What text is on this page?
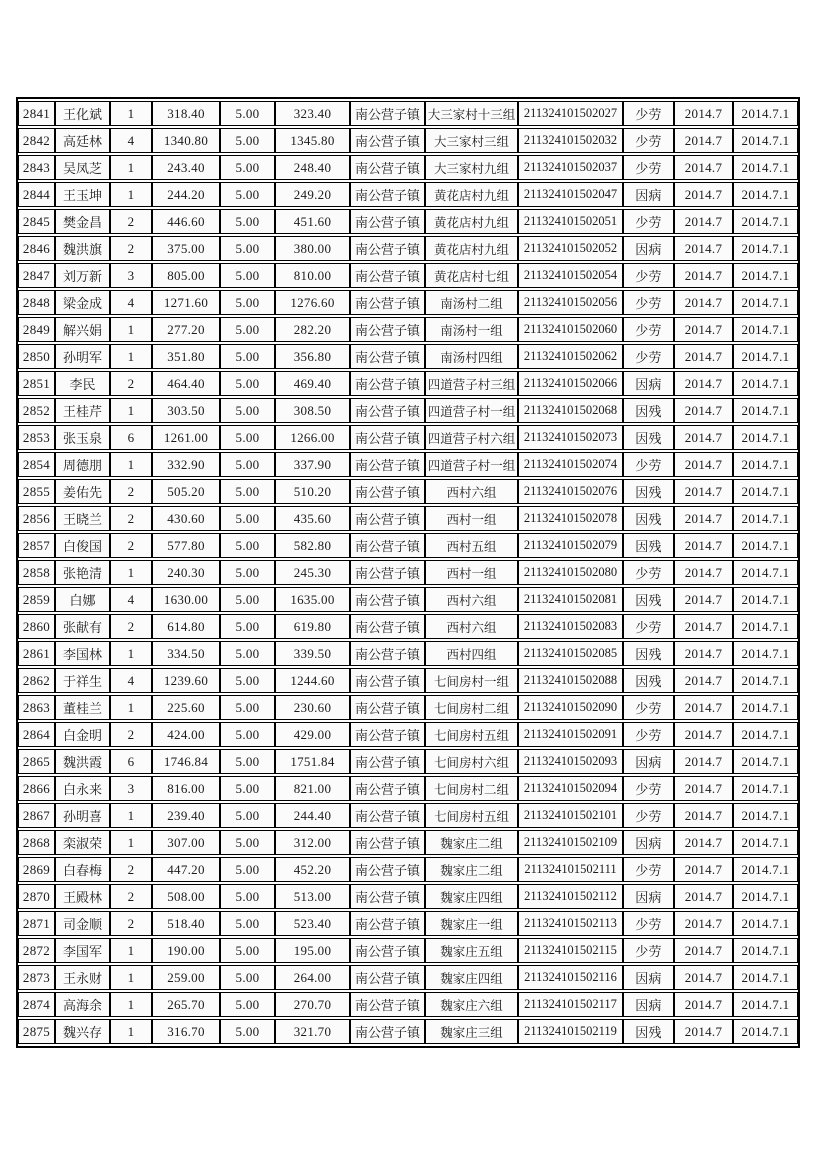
2841	王化斌	1	318.40	5.00	323.40	南公营子镇	大三家村十三组	211324101502027	少劳	2014.7	2014.7.1
2842	高廷林	4	1340.80	5.00	1345.80	南公营子镇	大三家村三组	211324101502032	少劳	2014.7	2014.7.1
2843	吴凤芝	1	243.40	5.00	248.40	南公营子镇	大三家村九组	211324101502037	少劳	2014.7	2014.7.1
2844	王玉坤	1	244.20	5.00	249.20	南公营子镇	黄花店村九组	211324101502047	因病	2014.7	2014.7.1
2845	樊金昌	2	446.60	5.00	451.60	南公营子镇	黄花店村九组	211324101502051	少劳	2014.7	2014.7.1
2846	魏洪旗	2	375.00	5.00	380.00	南公营子镇	黄花店村九组	211324101502052	因病	2014.7	2014.7.1
2847	刘万新	3	805.00	5.00	810.00	南公营子镇	黄花店村七组	211324101502054	少劳	2014.7	2014.7.1
2848	梁金成	4	1271.60	5.00	1276.60	南公营子镇	南汤村二组	211324101502056	少劳	2014.7	2014.7.1
2849	解兴娟	1	277.20	5.00	282.20	南公营子镇	南汤村一组	211324101502060	少劳	2014.7	2014.7.1
2850	孙明军	1	351.80	5.00	356.80	南公营子镇	南汤村四组	211324101502062	少劳	2014.7	2014.7.1
2851	李民	2	464.40	5.00	469.40	南公营子镇	四道营子村三组	211324101502066	因病	2014.7	2014.7.1
2852	王桂芹	1	303.50	5.00	308.50	南公营子镇	四道营子村一组	211324101502068	因残	2014.7	2014.7.1
2853	张玉泉	6	1261.00	5.00	1266.00	南公营子镇	四道营子村六组	211324101502073	因残	2014.7	2014.7.1
2854	周德朋	1	332.90	5.00	337.90	南公营子镇	四道营子村一组	211324101502074	少劳	2014.7	2014.7.1
2855	姜佑先	2	505.20	5.00	510.20	南公营子镇	西村六组	211324101502076	因残	2014.7	2014.7.1
2856	王晓兰	2	430.60	5.00	435.60	南公营子镇	西村一组	211324101502078	因残	2014.7	2014.7.1
2857	白俊国	2	577.80	5.00	582.80	南公营子镇	西村五组	211324101502079	因残	2014.7	2014.7.1
2858	张艳清	1	240.30	5.00	245.30	南公营子镇	西村一组	211324101502080	少劳	2014.7	2014.7.1
2859	白娜	4	1630.00	5.00	1635.00	南公营子镇	西村六组	211324101502081	因残	2014.7	2014.7.1
2860	张献有	2	614.80	5.00	619.80	南公营子镇	西村六组	211324101502083	少劳	2014.7	2014.7.1
2861	李国林	1	334.50	5.00	339.50	南公营子镇	西村四组	211324101502085	因残	2014.7	2014.7.1
2862	于祥生	4	1239.60	5.00	1244.60	南公营子镇	七间房村一组	211324101502088	因残	2014.7	2014.7.1
2863	董桂兰	1	225.60	5.00	230.60	南公营子镇	七间房村二组	211324101502090	少劳	2014.7	2014.7.1
2864	白金明	2	424.00	5.00	429.00	南公营子镇	七间房村五组	211324101502091	少劳	2014.7	2014.7.1
2865	魏洪霞	6	1746.84	5.00	1751.84	南公营子镇	七间房村六组	211324101502093	因病	2014.7	2014.7.1
2866	白永来	3	816.00	5.00	821.00	南公营子镇	七间房村二组	211324101502094	少劳	2014.7	2014.7.1
2867	孙明喜	1	239.40	5.00	244.40	南公营子镇	七间房村五组	211324101502101	少劳	2014.7	2014.7.1
2868	栾淑荣	1	307.00	5.00	312.00	南公营子镇	魏家庄二组	211324101502109	因病	2014.7	2014.7.1
2869	白春梅	2	447.20	5.00	452.20	南公营子镇	魏家庄二组	211324101502111	少劳	2014.7	2014.7.1
2870	王殿林	2	508.00	5.00	513.00	南公营子镇	魏家庄四组	211324101502112	因病	2014.7	2014.7.1
2871	司金顺	2	518.40	5.00	523.40	南公营子镇	魏家庄一组	211324101502113	少劳	2014.7	2014.7.1
2872	李国军	1	190.00	5.00	195.00	南公营子镇	魏家庄五组	211324101502115	少劳	2014.7	2014.7.1
2873	王永财	1	259.00	5.00	264.00	南公营子镇	魏家庄四组	211324101502116	因病	2014.7	2014.7.1
2874	高海余	1	265.70	5.00	270.70	南公营子镇	魏家庄六组	211324101502117	因病	2014.7	2014.7.1
2875	魏兴存	1	316.70	5.00	321.70	南公营子镇	魏家庄三组	211324101502119	因残	2014.7	2014.7.1
